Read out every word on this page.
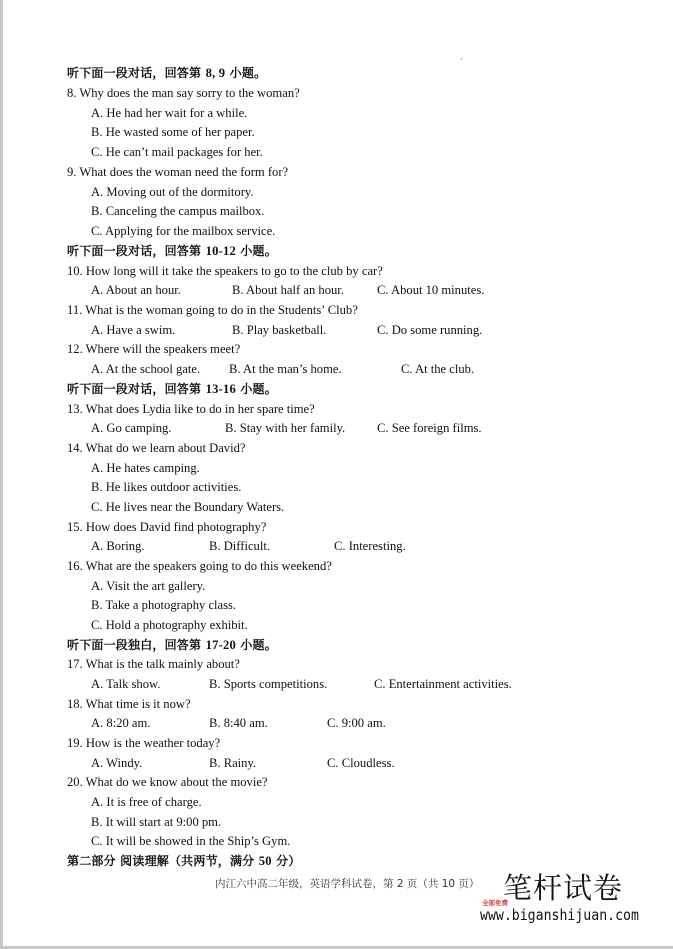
听下面一段对话，回答第 8, 9 小题。
8. Why does the man say sorry to the woman?
A. He had her wait for a while.
B. He wasted some of her paper.
C. He can’t mail packages for her.
9. What does the woman need the form for?
A. Moving out of the dormitory.
B. Canceling the campus mailbox.
C. Applying for the mailbox service.
听下面一段对话，回答第 10-12 小题。
10. How long will it take the speakers to go to the club by car?
A. About an hour.	B. About half an hour.	C. About 10 minutes.
11. What is the woman going to do in the Students’ Club?
A. Have a swim.	B. Play basketball.	C. Do some running.
12. Where will the speakers meet?
A. At the school gate. B. At the man’s home.	C. At the club.
听下面一段对话，回答第 13-16 小题。
13. What does Lydia like to do in her spare time?
A. Go camping.	B. Stay with her family.	C. See foreign films.
14. What do we learn about David?
A. He hates camping.
B. He likes outdoor activities.
C. He lives near the Boundary Waters.
15. How does David find photography?
A. Boring.	B. Difficult.	C. Interesting.
16. What are the speakers going to do this weekend?
A. Visit the art gallery.
B. Take a photography class.
C. Hold a photography exhibit.
听下面一段独白，回答第 17-20 小题。
17. What is the talk mainly about?
A. Talk show.	B. Sports competitions.	C. Entertainment activities.
18. What time is it now?
A. 8:20 am.	B. 8:40 am.	C. 9:00 am.
19. How is the weather today?
A. Windy.	B. Rainy.	C. Cloudless.
20. What do we know about the movie?
A. It is free of charge.
B. It will start at 9:00 pm.
C. It will be showed in the Ship’s Gym.
第二部分 阅读理解（共两节，满分 50 分）
内江六中高二年级，英语学科试卷，第 2 页（共 10 页） 笔杆试卷
全部免费
www.biganshijuan.com
